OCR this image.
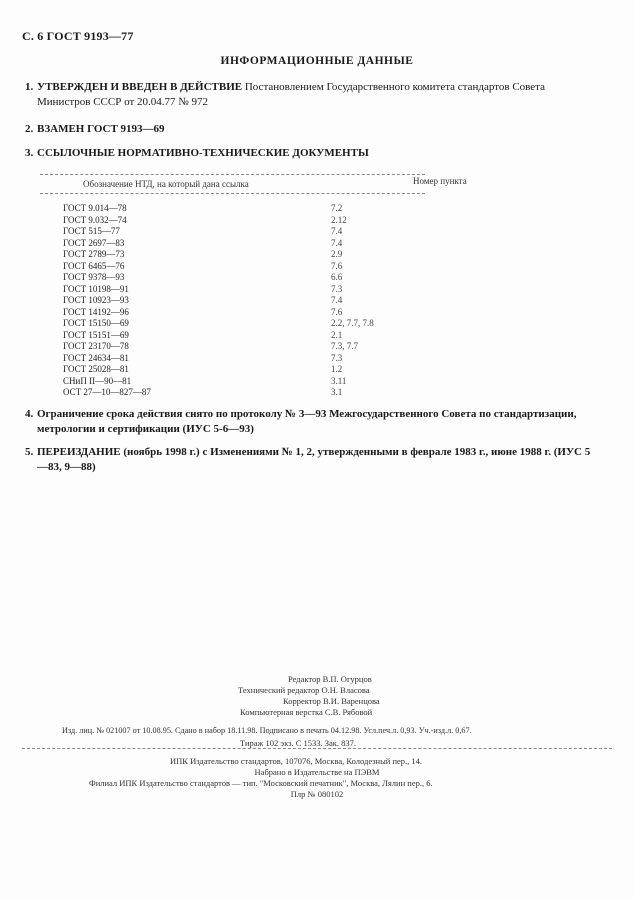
С. 6 ГОСТ 9193—77
ИНФОРМАЦИОННЫЕ ДАННЫЕ
1. УТВЕРЖДЕН И ВВЕДЕН В ДЕЙСТВИЕ Постановлением Государственного комитета стандартов Совета Министров СССР от 20.04.77 № 972
2. ВЗАМЕН ГОСТ 9193—69
3. ССЫЛОЧНЫЕ НОРМАТИВНО-ТЕХНИЧЕСКИЕ ДОКУМЕНТЫ
Обозначение НТД, на который дана ссылка	Номер пункта
ГОСТ 9.014—78	7.2
ГОСТ 9.032—74	2.12
ГОСТ 515—77	7.4
ГОСТ 2697—83	7.4
ГОСТ 2789—73	2.9
ГОСТ 6465—76	7.6
ГОСТ 9378—93	6.6
ГОСТ 10198—91	7.3
ГОСТ 10923—93	7.4
ГОСТ 14192—96	7.6
ГОСТ 15150—69	2.2, 7.7, 7.8
ГОСТ 15151—69	2.1
ГОСТ 23170—78	7.3, 7.7
ГОСТ 24634—81	7.3
ГОСТ 25028—81	1.2
СНиП II—90—81	3.11
ОСТ 27—10—827—87	3.1
4. Ограничение срока действия снято по протоколу № 3—93 Межгосударственного Совета по стандартизации, метрологии и сертификации (ИУС 5-6—93)
5. ПЕРЕИЗДАНИЕ (ноябрь 1998 г.) с Изменениями № 1, 2, утвержденными в феврале 1983 г., июне 1988 г. (ИУС 5—83, 9—88)
Редактор В.П. Огурцов
Технический редактор О.Н. Власова
Корректор В.И. Варенцова
Компьютерная верстка С.В. Рябовой
Изд. лиц. № 021007 от 10.08.95. Сдано в набор 18.11.98. Подписано в печать 04.12.98. Усл.печ.л. 0,93. Уч.-изд.л. 0,67.
Тираж 102 экз. С 1533. Зак. 837.
ИПК Издательство стандартов, 107076, Москва, Колодезный пер., 14.
Набрано в Издательстве на ПЭВМ
Филиал ИПК Издательство стандартов — тип. "Московский печатник", Москва, Лялин пер., 6.
Плр № 080102
